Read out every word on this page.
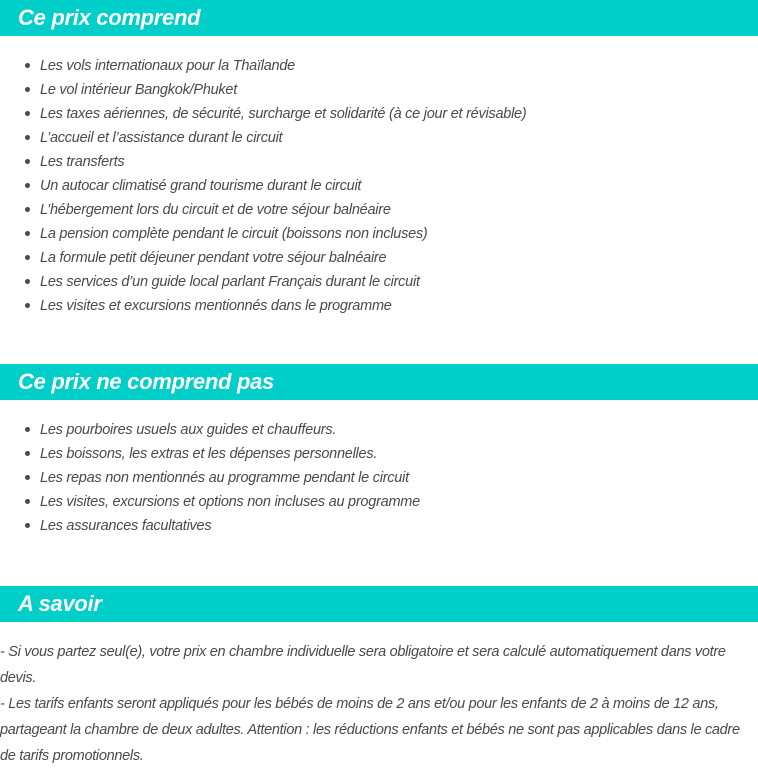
Ce prix comprend
Les vols internationaux pour la Thaïlande
Le vol intérieur Bangkok/Phuket
Les taxes aériennes, de sécurité, surcharge et solidarité (à ce jour et révisable)
L’accueil et l’assistance durant le circuit
Les transferts
Un autocar climatisé grand tourisme durant le circuit
L’hébergement lors du circuit et de votre séjour balnéaire
La pension complète pendant le circuit (boissons non incluses)
La formule petit déjeuner pendant votre séjour balnéaire
Les services d’un guide local parlant Français durant le circuit
Les visites et excursions mentionnés dans le programme
Ce prix ne comprend pas
Les pourboires usuels aux guides et chauffeurs.
Les boissons, les extras et les dépenses personnelles.
Les repas non mentionnés au programme pendant le circuit
Les visites, excursions et options non incluses au programme
Les assurances facultatives
A savoir

- Si vous partez seul(e), votre prix en chambre individuelle sera obligatoire et sera calculé automatiquement dans votre devis.

- Les tarifs enfants seront appliqués pour les bébés de moins de 2 ans et/ou pour les enfants de 2 à moins de 12 ans, partageant la chambre de deux adultes. Attention : les réductions enfants et bébés ne sont pas applicables dans le cadre de tarifs promotionnels.
